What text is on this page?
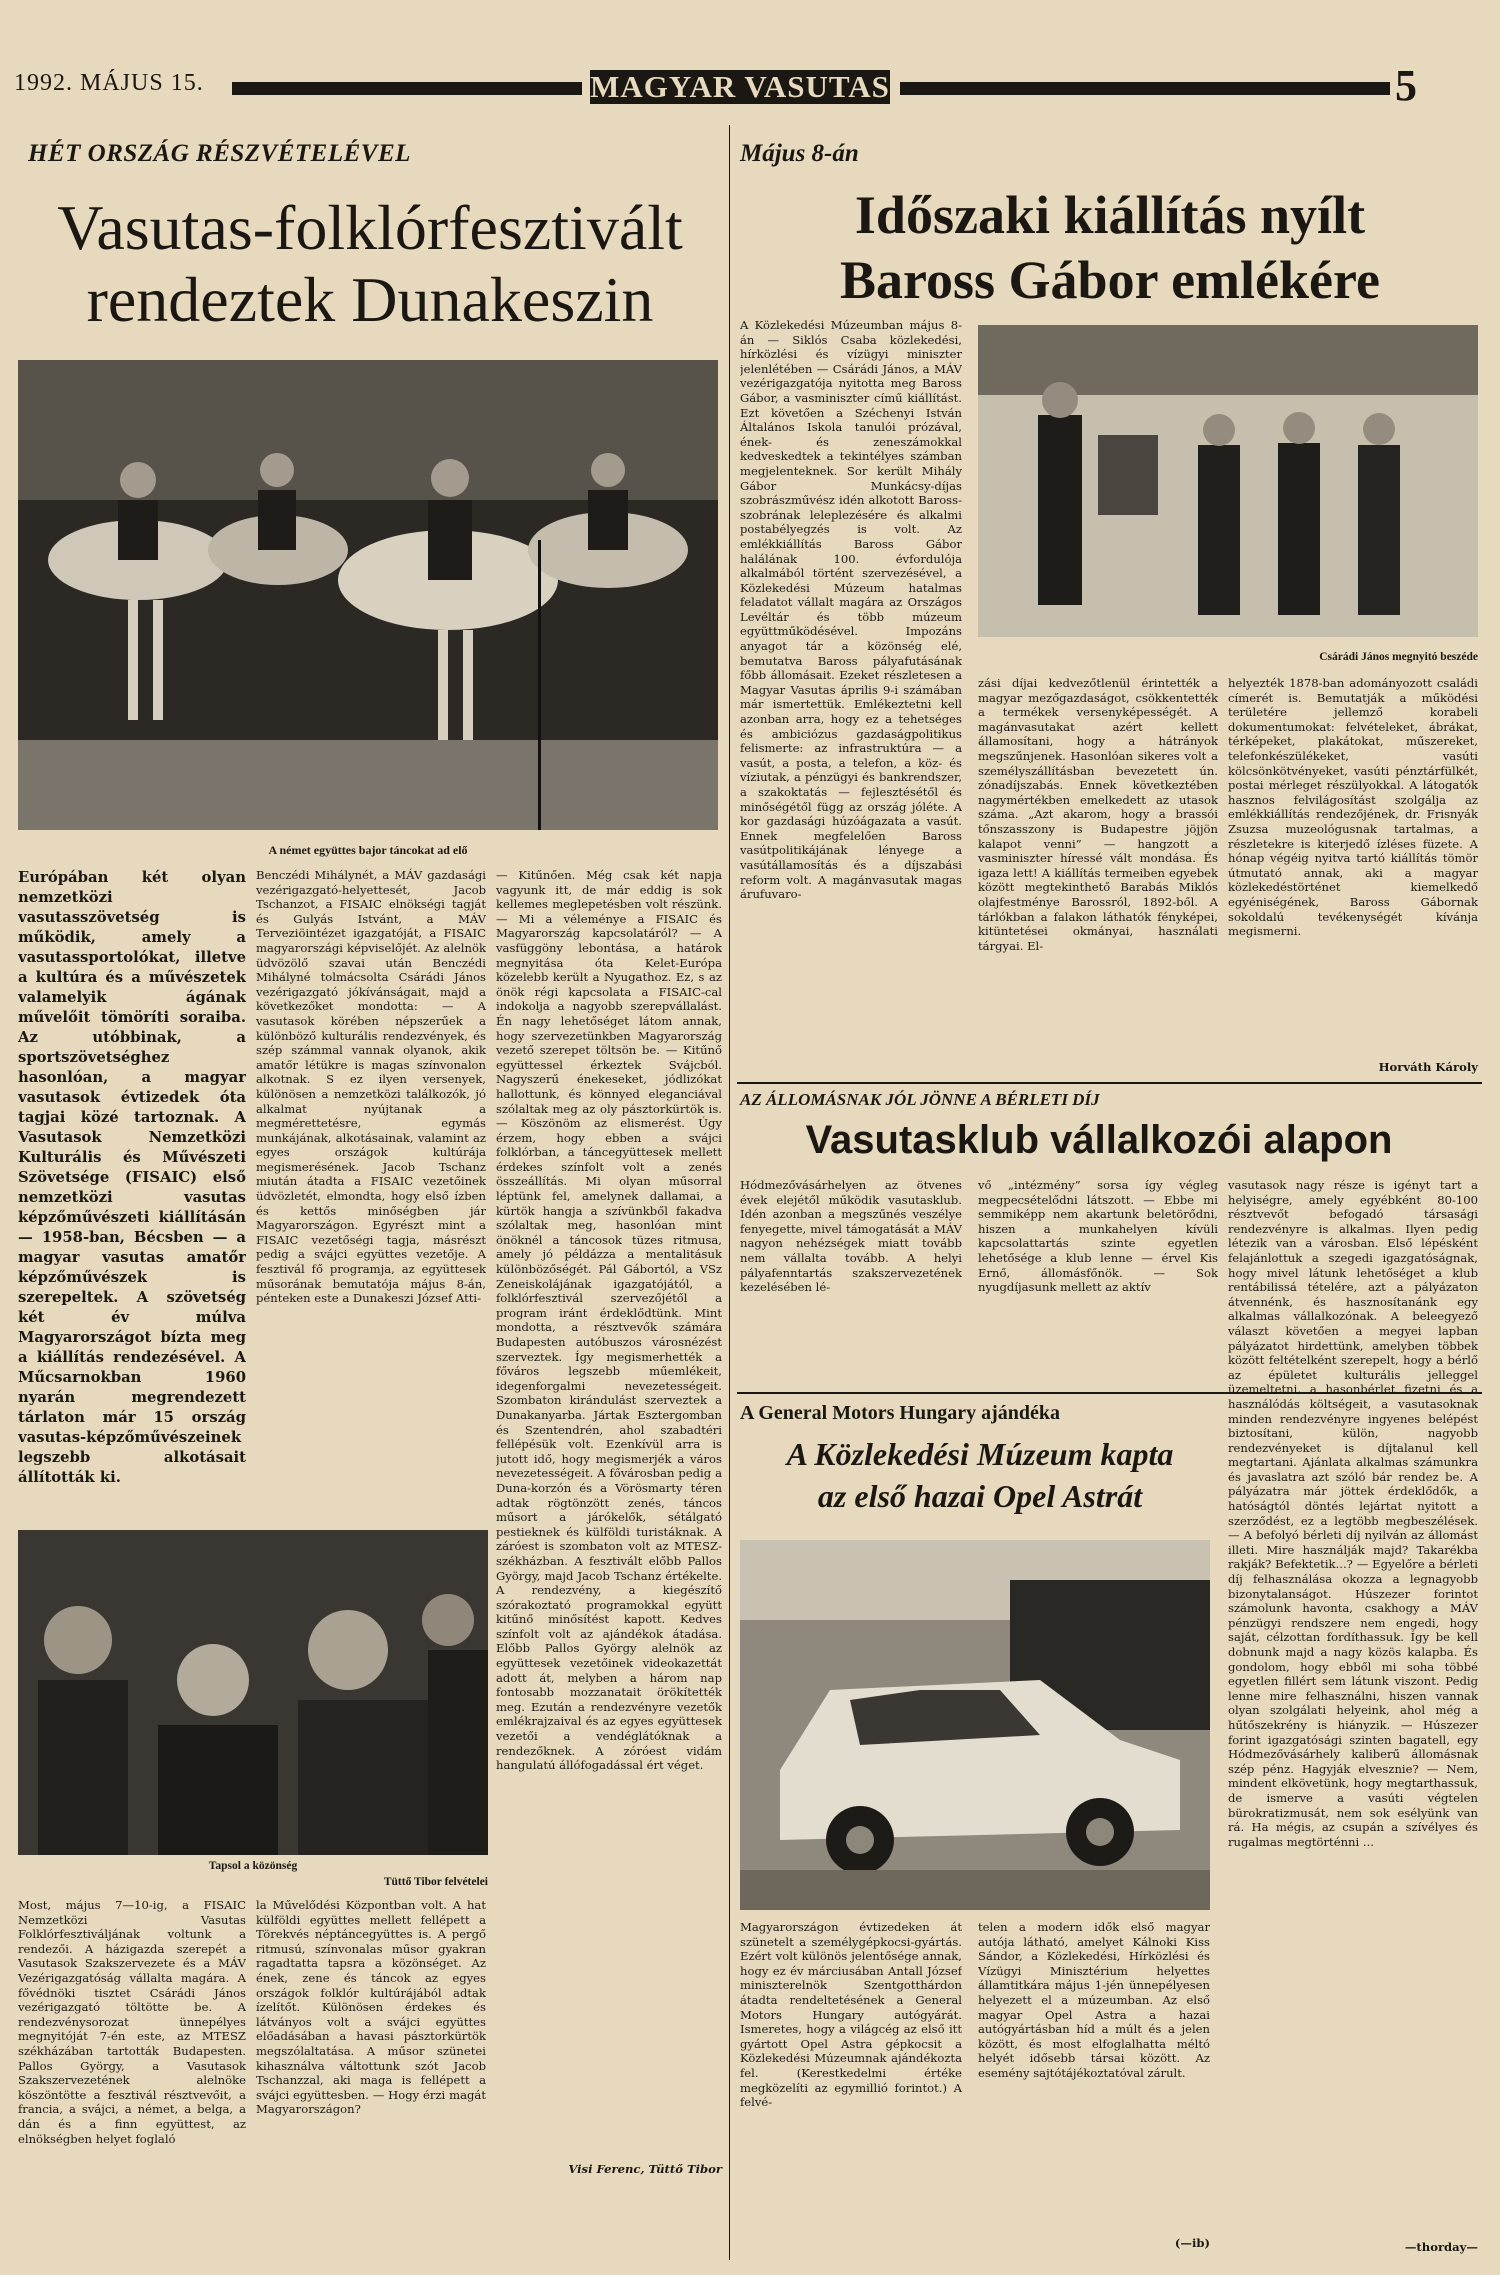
1992. MÁJUS 15.	MAGYAR VASUTAS	5
HÉT ORSZÁG RÉSZVÉTELÉVEL
Vasutas-folklórfesztivált
rendeztek Dunakeszin
A német együttes bajor táncokat ad elő
Európában két olyan nemzetközi vasutasszövetség is működik, amely a vasutassportolókat, illetve a kultúra és a művészetek valamelyik ágának művelőit tömöríti soraiba. Az utóbbinak, a sportszövetséghez hasonlóan, a magyar vasutasok évtizedek óta tagjai közé tartoznak. A Vasutasok Nemzetközi Kulturális és Művészeti Szövetsége (FISAIC) első nemzetközi vasutas képzőművészeti kiállításán — 1958-ban, Bécsben — a magyar vasutas amatőr képzőművészek is szerepeltek. A szövetség két év múlva Magyarországot bízta meg a kiállítás rendezésével. A Műcsarnokban 1960 nyarán megrendezett tárlaton már 15 ország vasutas-képzőművészeinek legszebb alkotásait állították ki.
Benczédi Mihálynét, a MÁV gazdasági vezérigazgató-helyettesét, Jacob Tschanzot, a FISAIC elnökségi tagját és Gulyás Istvánt, a MÁV Terveziöintézet igazgatóját, a FISAIC magyarországi képviselőjét. Az alelnök üdvözölő szavai után Benczédi Mihályné tolmácsolta Csárádi János vezérigazgató jókívánságait, majd a következőket mondotta: — A vasutasok körében népszerűek a különböző kulturális rendezvények, és szép számmal vannak olyanok, akik amatőr létükre is magas színvonalon alkotnak. S ez ilyen versenyek, különösen a nemzetközi találkozók, jó alkalmat nyújtanak a megmérettetésre, egymás munkájának, alkotásainak, valamint az egyes országok kultúrája megismerésének. Jacob Tschanz miután átadta a FISAIC vezetőinek üdvözletét, elmondta, hogy első ízben és kettős minőségben jár Magyarországon. Egyrészt mint a FISAIC vezetőségi tagja, másrészt pedig a svájci együttes vezetője. A fesztivál fő programja, az együttesek műsorának bemutatója május 8-án, pénteken este a Dunakeszi József Atti-
— Kitűnően. Még csak két napja vagyunk itt, de már eddig is sok kellemes meglepetésben volt részünk. — Mi a véleménye a FISAIC és Magyarország kapcsolatáról? — A vasfüggöny lebontása, a határok megnyitása óta Kelet-Európa közelebb került a Nyugathoz. Ez, s az önök régi kapcsolata a FISAIC-cal indokolja a nagyobb szerepvállalást. Én nagy lehetőséget látom annak, hogy szervezetünkben Magyarország vezető szerepet töltsön be. — Kitűnő együttessel érkeztek Svájcból. Nagyszerű énekeseket, jódlizókat hallottunk, és könnyed eleganciával szólaltak meg az oly pásztorkürtök is. — Köszönöm az elismerést. Úgy érzem, hogy ebben a svájci folklórban, a táncegyüttesek mellett érdekes színfolt volt a zenés összeállítás. Mi olyan műsorral léptünk fel, amelynek dallamai, a kürtök hangja a szívünkből fakadva szólaltak meg, hasonlóan mint önöknél a táncosok tüzes ritmusa, amely jó példázza a mentalitásuk különbözőségét. Pál Gábortól, a VSz Zeneiskolájának igazgatójától, a folklórfesztivál szervezőjétől a program iránt érdeklődtünk. Mint mondotta, a résztvevők számára Budapesten autóbuszos városnézést szerveztek. Így megismerhették a főváros legszebb műemlékeit, idegenforgalmi nevezetességeit. Szombaton kirándulást szerveztek a Dunakanyarba. Jártak Esztergomban és Szentendrén, ahol szabadtéri fellépésük volt. Ezenkívül arra is jutott idő, hogy megismerjék a város nevezetességeit. A fővárosban pedig a Duna-korzón és a Vörösmarty téren adtak rögtönzött zenés, táncos műsort a járókelők, sétálgató pestieknek és külföldi turistáknak. A záróest is szombaton volt az MTESZ-székházban. A fesztivált előbb Pallos György, majd Jacob Tschanz értékelte. A rendezvény, a kiegészítő szórakoztató programokkal együtt kitűnő minősítést kapott. Kedves színfolt volt az ajándékok átadása. Előbb Pallos György alelnök az együttesek vezetőinek videokazettát adott át, melyben a három nap fontosabb mozzanatait örökítették meg. Ezután a rendezvényre vezetők emlékrajzaival és az egyes együttesek vezetői a vendéglátóknak a rendezőknek. A zóróest vidám hangulatú állófogadással ért véget.
Visi Ferenc, Tüttő Tibor
Tapsol a közönség
Tüttő Tibor felvételei
Most, május 7—10-ig, a FISAIC Nemzetközi Vasutas Folklórfesztiváljának voltunk a rendezői. A házigazda szerepét a Vasutasok Szakszervezete és a MÁV Vezérigazgatóság vállalta magára. A fővédnöki tisztet Csárádi János vezérigazgató töltötte be. A rendezvénysorozat ünnepélyes megnyitóját 7-én este, az MTESZ székházában tartották Budapesten. Pallos György, a Vasutasok Szakszervezetének alelnöke köszöntötte a fesztivál résztvevőit, a francia, a svájci, a német, a belga, a dán és a finn együttest, az elnökségben helyet foglaló
la Művelődési Központban volt. A hat külföldi együttes mellett fellépett a Törekvés néptáncegyüttes is. A pergő ritmusú, színvonalas műsor gyakran ragadtatta tapsra a közönséget. Az ének, zene és táncok az egyes országok folklór kultúrájából adtak ízelítőt. Különösen érdekes és látványos volt a svájci együttes előadásában a havasi pásztorkürtök megszólaltatása. A műsor szünetei kihasználva váltottunk szót Jacob Tschanzzal, aki maga is fellépett a svájci együttesben. — Hogy érzi magát Magyarországon?
Május 8-án
Időszaki kiállítás nyílt
Baross Gábor emlékére
A Közlekedési Múzeumban május 8-án — Siklós Csaba közlekedési, hírközlési és vízügyi miniszter jelenlétében — Csárádi János, a MÁV vezérigazgatója nyitotta meg Baross Gábor, a vasminiszter című kiállítást. Ezt követően a Széchenyi István Általános Iskola tanulói prózával, ének- és zeneszámokkal kedveskedtek a tekintélyes számban megjelenteknek. Sor került Mihály Gábor Munkácsy-díjas szobrászművész idén alkotott Baross-szobrának leleplezésére és alkalmi postabélyegzés is volt. Az emlékkiállítás Baross Gábor halálának 100. évfordulója alkalmából történt szervezésével, a Közlekedési Múzeum hatalmas feladatot vállalt magára az Országos Levéltár és több múzeum együttműködésével. Impozáns anyagot tár a közönség elé, bemutatva Baross pályafutásának főbb állomásait. Ezeket részletesen a Magyar Vasutas április 9-i számában már ismertettük. Emlékeztetni kell azonban arra, hogy ez a tehetséges és ambiciózus gazdaságpolitikus felismerte: az infrastruktúra — a vasút, a posta, a telefon, a köz- és víziutak, a pénzügyi és bankrendszer, a szakoktatás — fejlesztésétől és minőségétől függ az ország jóléte. A kor gazdasági húzóágazata a vasút. Ennek megfelelően Baross vasútpolitikájának lényege a vasútállamosítás és a díjszabási reform volt. A magánvasutak magas árufuvaro-
Csárádi János megnyitó beszéde
zási díjai kedvezőtlenül érintették a magyar mezőgazdaságot, csökkentették a termékek versenyképességét. A magánvasutakat azért kellett államosítani, hogy a hátrányok megszűnjenek. Hasonlóan sikeres volt a személyszállításban bevezetett ún. zónadíjszabás. Ennek következtében nagymértékben emelkedett az utasok száma. „Azt akarom, hogy a brassói tőnszasszony is Budapestre jöjjön kalapot venni” — hangzott a vasminiszter híressé vált mondása. És igaza lett! A kiállítás termeiben egyebek között megtekinthető Barabás Miklós olajfestménye Barossról, 1892-ből. A tárlókban a falakon láthatók fényképei, kitüntetései okmányai, használati tárgyai. El-
helyezték 1878-ban adományozott családi címerét is. Bemutatják a működési területére jellemző korabeli dokumentumokat: felvételeket, ábrákat, térképeket, plakátokat, műszereket, telefonkészülékeket, vasúti kölcsönkötvényeket, vasúti pénztárfülkét, postai mérleget részülyokkal. A látogatók hasznos felvilágosítást szolgálja az emlékkiállítás rendezőjének, dr. Frisnyák Zsuzsa muzeológusnak tartalmas, a részletekre is kiterjedő ízléses füzete. A hónap végéig nyitva tartó kiállítás tömör útmutató annak, aki a magyar közlekedéstörténet kiemelkedő egyéniségének, Baross Gábornak sokoldalú tevékenységét kívánja megismerni.
Horváth Károly
AZ ÁLLOMÁSNAK JÓL JÖNNE A BÉRLETI DÍJ
Vasutasklub vállalkozói alapon
Hódmezővásárhelyen az ötvenes évek elejétől működik vasutasklub. Idén azonban a megszűnés veszélye fenyegette, mivel támogatását a MÁV nagyon nehézségek miatt tovább nem vállalta tovább. A helyi pályafenntartás szakszervezetének kezelésében lé-
vő „intézmény” sorsa így végleg megpecsételődni látszott. — Ebbe mi semmiképp nem akartunk beletörődni, hiszen a munkahelyen kívüli kapcsolattartás szinte egyetlen lehetősége a klub lenne — érvel Kis Ernő, állomásfőnök. — Sok nyugdíjasunk mellett az aktív
vasutasok nagy része is igényt tart a helyiségre, amely egyébként 80-100 résztvevőt befogadó társasági rendezvényre is alkalmas. Ilyen pedig létezik van a városban. Első lépésként felajánlottuk a szegedi igazgatóságnak, hogy mivel látunk lehetőséget a klub rentábilissá tételére, azt a pályázaton átvennénk, és hasznosítanánk egy alkalmas vállalkozónak. A beleegyező választ követően a megyei lapban pályázatot hirdettünk, amelyben többek között feltételként szerepelt, hogy a bérlő az épületet kulturális jelleggel üzemeltetni, a hasonbérlet fizetni és a használódás költségeit, a vasutasoknak minden rendezvényre ingyenes belépést biztosítani, külön, nagyobb rendezvényeket is díjtalanul kell megtartani. Ajánlata alkalmas számunkra és javaslatra azt szóló bár rendez be. A pályázatra már jöttek érdeklődők, a hatóságtól döntés lejártat nyitott a szerződést, ez a legtöbb megbeszélések. — A befolyó bérleti díj nyilván az állomást illeti. Mire használják majd? Takarékba rakják? Befektetik...? — Egyelőre a bérleti díj felhasználása okozza a legnagyobb bizonytalanságot. Húszezer forintot számolunk havonta, csakhogy a MÁV pénzügyi rendszere nem engedi, hogy saját, célzottan fordíthassuk. Így be kell dobnunk majd a nagy közös kalapba. És gondolom, hogy ebből mi soha többé egyetlen fillért sem látunk viszont. Pedig lenne mire felhasználni, hiszen vannak olyan szolgálati helyeink, ahol még a hűtőszekrény is hiányzik. — Húszezer forint igazgatósági szinten bagatell, egy Hódmezővásárhely kaliberű állomásnak szép pénz. Hagyják elvesznie? — Nem, mindent elkövetünk, hogy megtarthassuk, de ismerve a vasúti végtelen bürokratizmusát, nem sok esélyünk van rá. Ha mégis, az csupán a szívélyes és rugalmas megtörténni ...
—thorday—
A General Motors Hungary ajándéka
A Közlekedési Múzeum kapta
az első hazai Opel Astrát
Magyarországon évtizedeken át szünetelt a személygépkocsi-gyártás. Ezért volt különös jelentősége annak, hogy ez év márciusában Antall József miniszterelnök Szentgotthárdon átadta rendeltetésének a General Motors Hungary autógyárát. Ismeretes, hogy a világcég az első itt gyártott Opel Astra gépkocsit a Közlekedési Múzeumnak ajándékozta fel. (Kerestkedelmi értéke megközelíti az egymillió forintot.) A felvé-
telen a modern idők első magyar autója látható, amelyet Kálnoki Kiss Sándor, a Közlekedési, Hírközlési és Vízügyi Minisztérium helyettes államtitkára május 1-jén ünnepélyesen helyezett el a múzeumban. Az első magyar Opel Astra a hazai autógyártásban híd a múlt és a jelen között, és most elfoglalhatta méltó helyét idősebb társai között. Az esemény sajtótájékoztatóval zárult.
(—ib)
